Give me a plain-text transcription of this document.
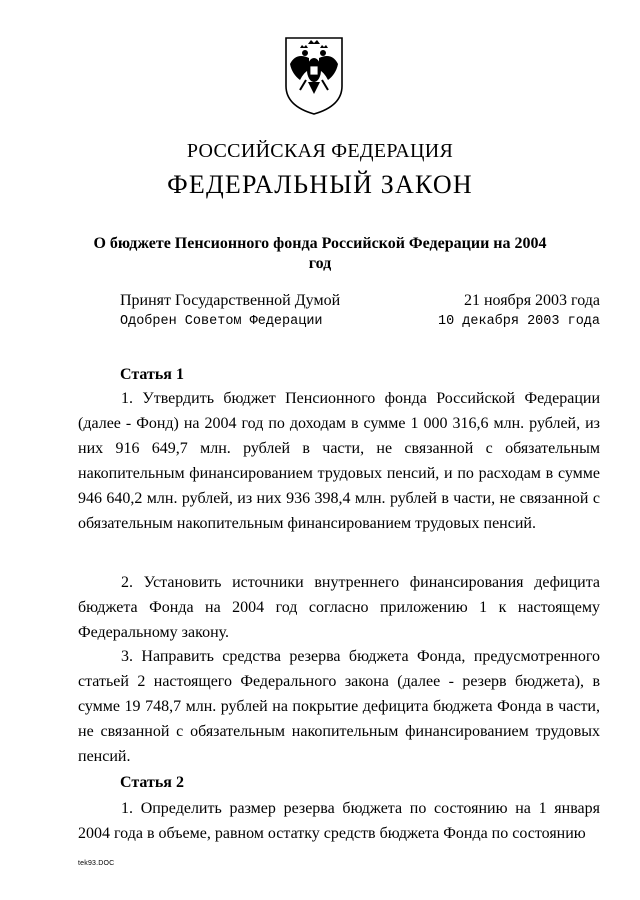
РОССИЙСКАЯ ФЕДЕРАЦИЯ
ФЕДЕРАЛЬНЫЙ ЗАКОН
О бюджете Пенсионного фонда Российской Федерации на 2004 год
Принят Государственной Думой	21 ноября 2003 года
Одобрен Советом Федерации	10 декабря 2003 года
Статья 1

1. Утвердить бюджет Пенсионного фонда Российской Федерации (далее - Фонд) на 2004 год по доходам в сумме 1 000 316,6 млн. рублей, из них 916 649,7 млн. рублей в части, не связанной с обязательным накопительным финансированием трудовых пенсий, и по расходам в сумме 946 640,2 млн. рублей, из них 936 398,4 млн. рублей в части, не связанной с обязательным накопительным финансированием трудовых пенсий.

2. Установить источники внутреннего финансирования дефицита бюджета Фонда на 2004 год согласно приложению 1 к настоящему Федеральному закону.

3. Направить средства резерва бюджета Фонда, предусмотренного статьей 2 настоящего Федерального закона (далее - резерв бюджета), в сумме 19 748,7 млн. рублей на покрытие дефицита бюджета Фонда в части, не связанной с обязательным накопительным финансированием трудовых пенсий.

Статья 2

1. Определить размер резерва бюджета по состоянию на 1 января 2004 года в объеме, равном остатку средств бюджета Фонда по состоянию

tek93.DOC
